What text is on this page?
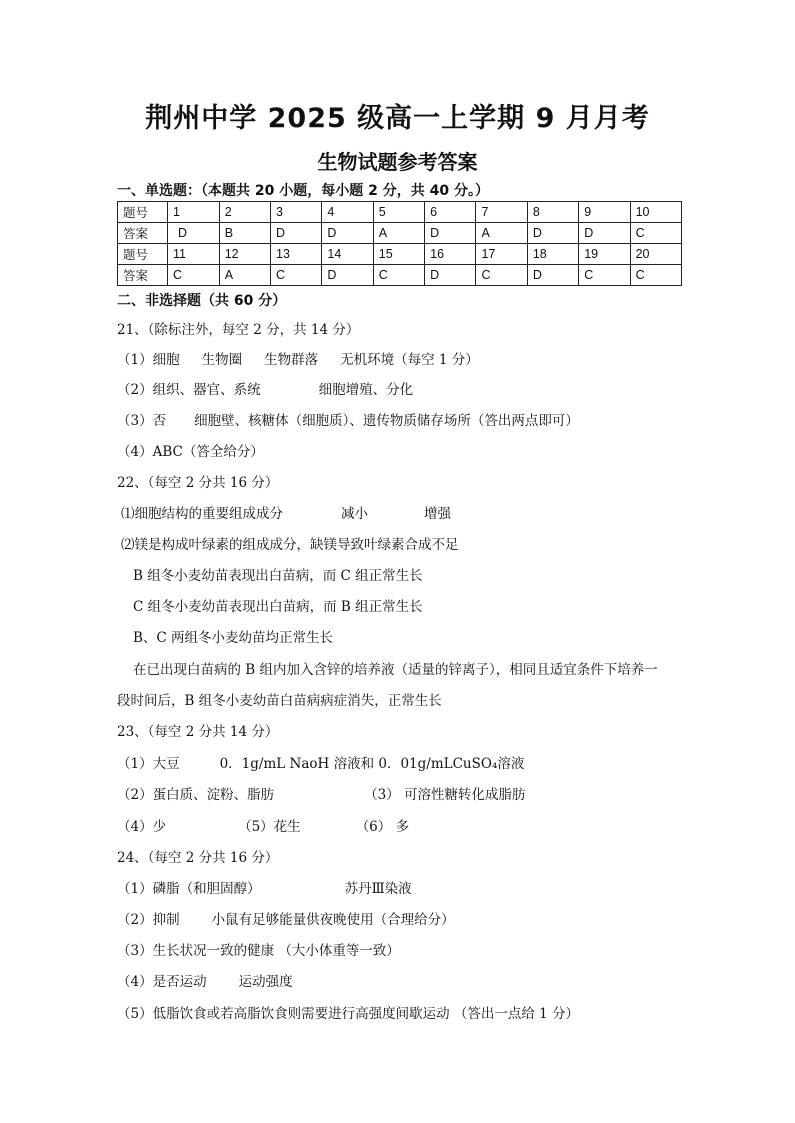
荆州中学 2025 级高一上学期 9 月月考
生物试题参考答案
一、单选题：（本题共 20 小题，每小题 2 分，共 40 分。）
题号	1	2	3	4	5	6	7	8	9	10
答案	D	B	D	D	A	D	A	D	D	C
题号	11	12	13	14	15	16	17	18	19	20
答案	C	A	C	D	C	D	C	D	C	C
二、非选择题（共 60 分）
21、（除标注外，每空 2 分，共 14 分）
（1）细胞 生物圈 生物群落 无机环境（每空 1 分）
（2）组织、器官、系统	细胞增殖、分化
（3）否 细胞壁、核糖体（细胞质）、遗传物质储存场所（答出两点即可）
（4）ABC（答全给分）
22、（每空 2 分共 16 分）
⑴细胞结构的重要组成成分	减小	增强
⑵镁是构成叶绿素的组成成分，缺镁导致叶绿素合成不足
B 组冬小麦幼苗表现出白苗病，而 C 组正常生长
C 组冬小麦幼苗表现出白苗病，而 B 组正常生长
B、C 两组冬小麦幼苗均正常生长
在已出现白苗病的 B 组内加入含锌的培养液（适量的锌离子），相同且适宜条件下培养一
段时间后，B 组冬小麦幼苗白苗病病症消失，正常生长
23、（每空 2 分共 14 分）
（1）大豆	0．1g/mL NaoH 溶液和 0．01g/mLCuSO₄溶液
（2）蛋白质、淀粉、脂肪	（3） 可溶性糖转化成脂肪
（4）少	（5）花生	（6） 多
24、（每空 2 分共 16 分）
（1）磷脂（和胆固醇）	苏丹Ⅲ染液
（2）抑制 小鼠有足够能量供夜晚使用（合理给分）
（3）生长状况一致的健康 （大小体重等一致）
（4）是否运动 运动强度
（5）低脂饮食或若高脂饮食则需要进行高强度间歇运动 （答出一点给 1 分）
